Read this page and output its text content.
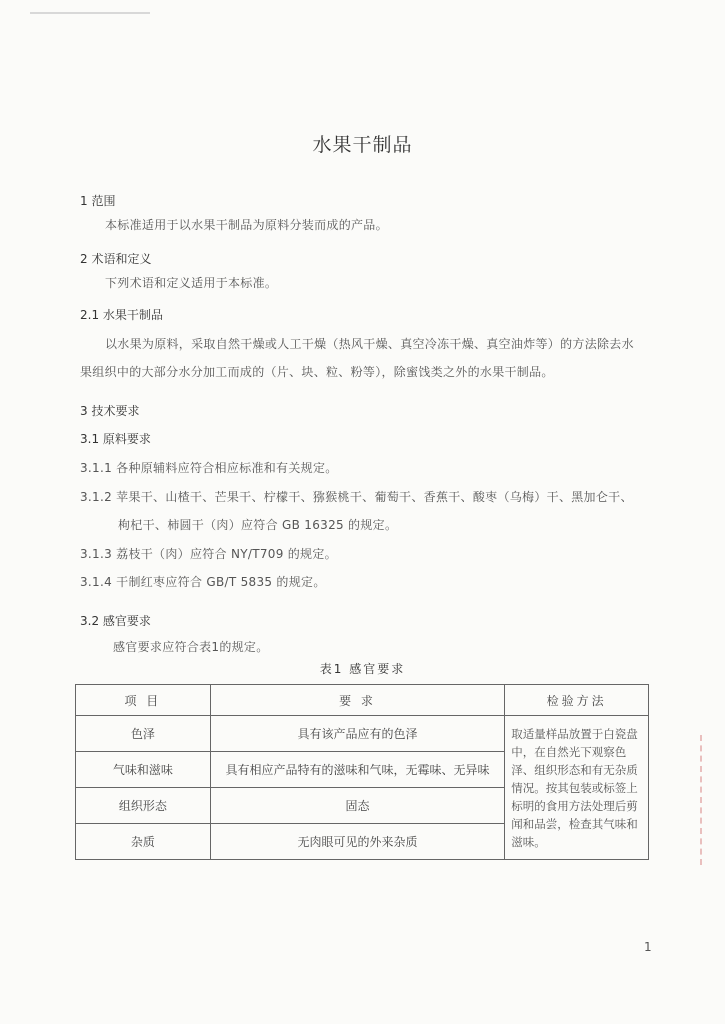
水果干制品
1 范围
本标准适用于以水果干制品为原料分装而成的产品。
2 术语和定义
下列术语和定义适用于本标准。
2.1 水果干制品
以水果为原料，采取自然干燥或人工干燥（热风干燥、真空冷冻干燥、真空油炸等）的方法除去水
果组织中的大部分水分加工而成的（片、块、粒、粉等），除蜜饯类之外的水果干制品。
3 技术要求
3.1 原料要求
3.1.1 各种原辅料应符合相应标准和有关规定。
3.1.2 苹果干、山楂干、芒果干、柠檬干、猕猴桃干、葡萄干、香蕉干、酸枣（乌梅）干、黑加仑干、
枸杞干、柿圆干（肉）应符合 GB 16325 的规定。
3.1.3 荔枝干（肉）应符合 NY/T709 的规定。
3.1.4 干制红枣应符合 GB/T 5835 的规定。
3.2 感官要求
感官要求应符合表1的规定。
表1 感官要求
项 目	要 求	检验方法
色泽	具有该产品应有的色泽	取适量样品放置于白瓷盘中，在自然光下观察色泽、组织形态和有无杂质情况。按其包装或标签上标明的食用方法处理后剪闻和品尝，检查其气味和滋味。
气味和滋味	具有相应产品特有的滋味和气味，无霉味、无异味	
组织形态	固态	
杂质	无肉眼可见的外来杂质	
1
